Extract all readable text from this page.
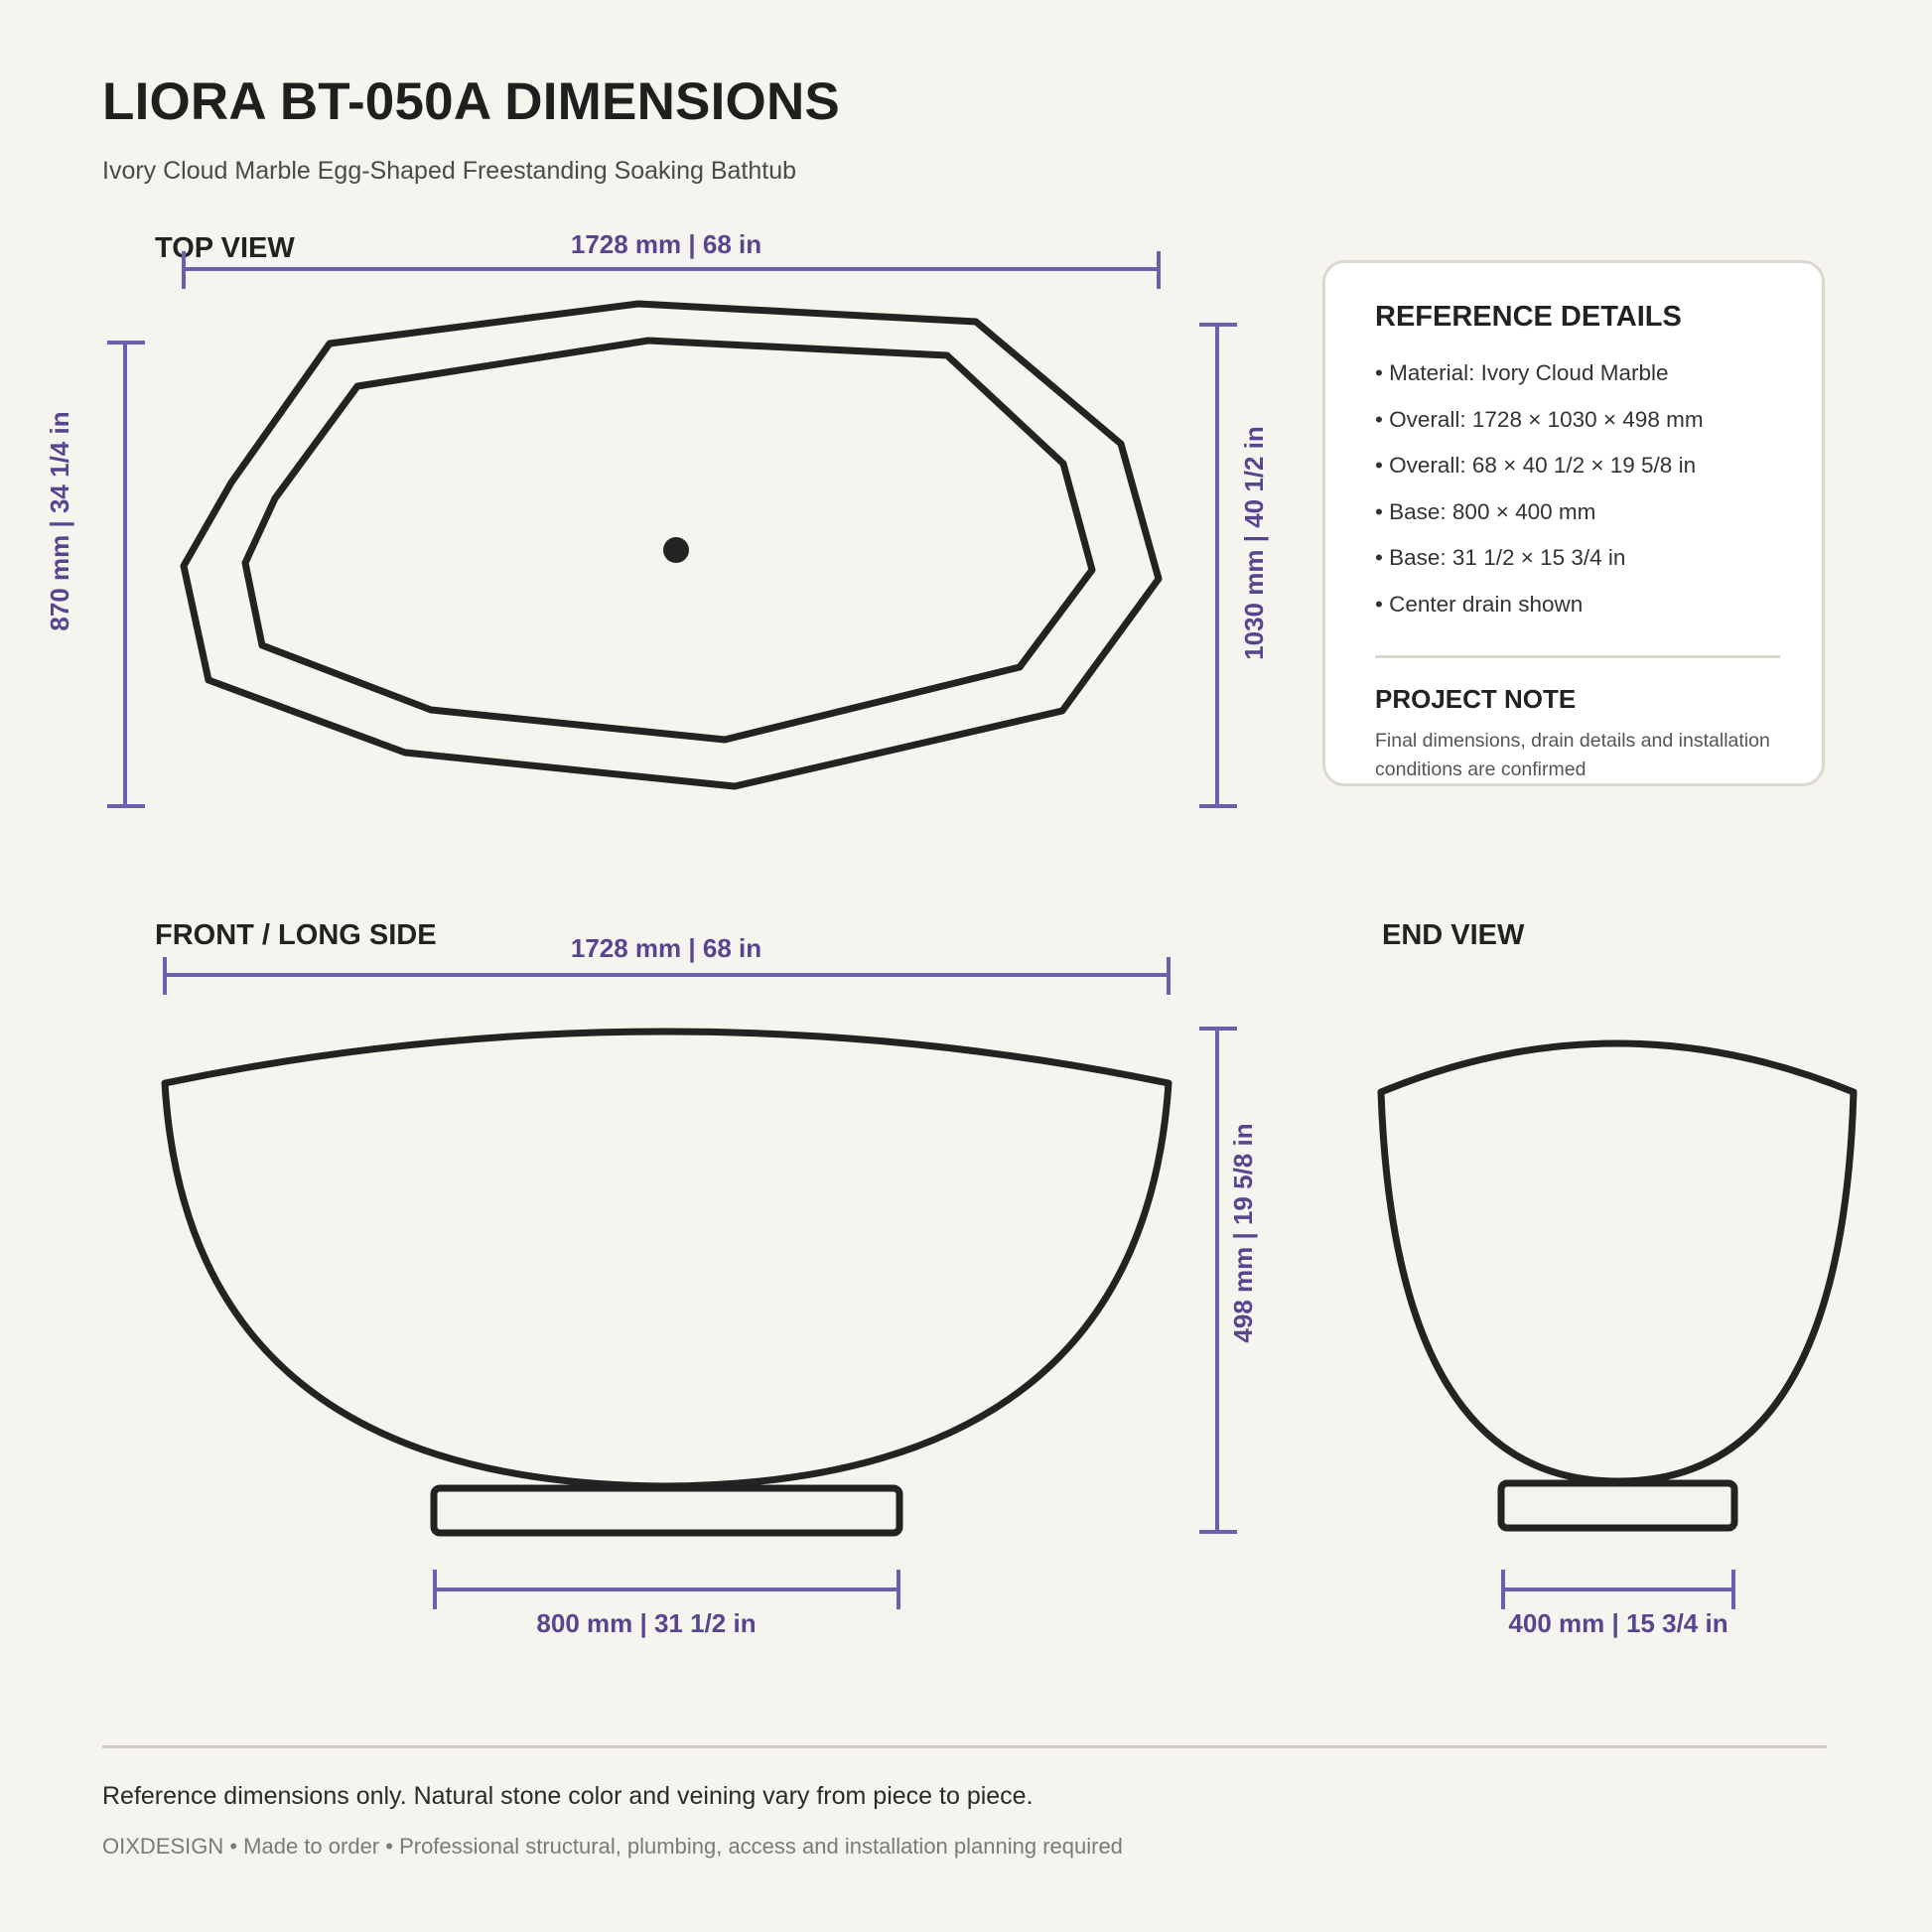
LIORA BT-050A DIMENSIONS
Ivory Cloud Marble Egg-Shaped Freestanding Soaking Bathtub
TOP VIEW
FRONT / LONG SIDE	END VIEW
1728 mm | 68 in
870 mm | 34 1/4 in	1030 mm | 40 1/2 in
1728 mm | 68 in
498 mm | 19 5/8 in
800 mm | 31 1/2 in	400 mm | 15 3/4 in
REFERENCE DETAILS
• Material: Ivory Cloud Marble
• Overall: 1728 × 1030 × 498 mm
• Overall: 68 × 40 1/2 × 19 5/8 in
• Base: 800 × 400 mm
• Base: 31 1/2 × 15 3/4 in
• Center drain shown
PROJECT NOTE
Final dimensions, drain details and installation conditions are confirmed
Reference dimensions only. Natural stone color and veining vary from piece to piece.
OIXDESIGN • Made to order • Professional structural, plumbing, access and installation planning required
